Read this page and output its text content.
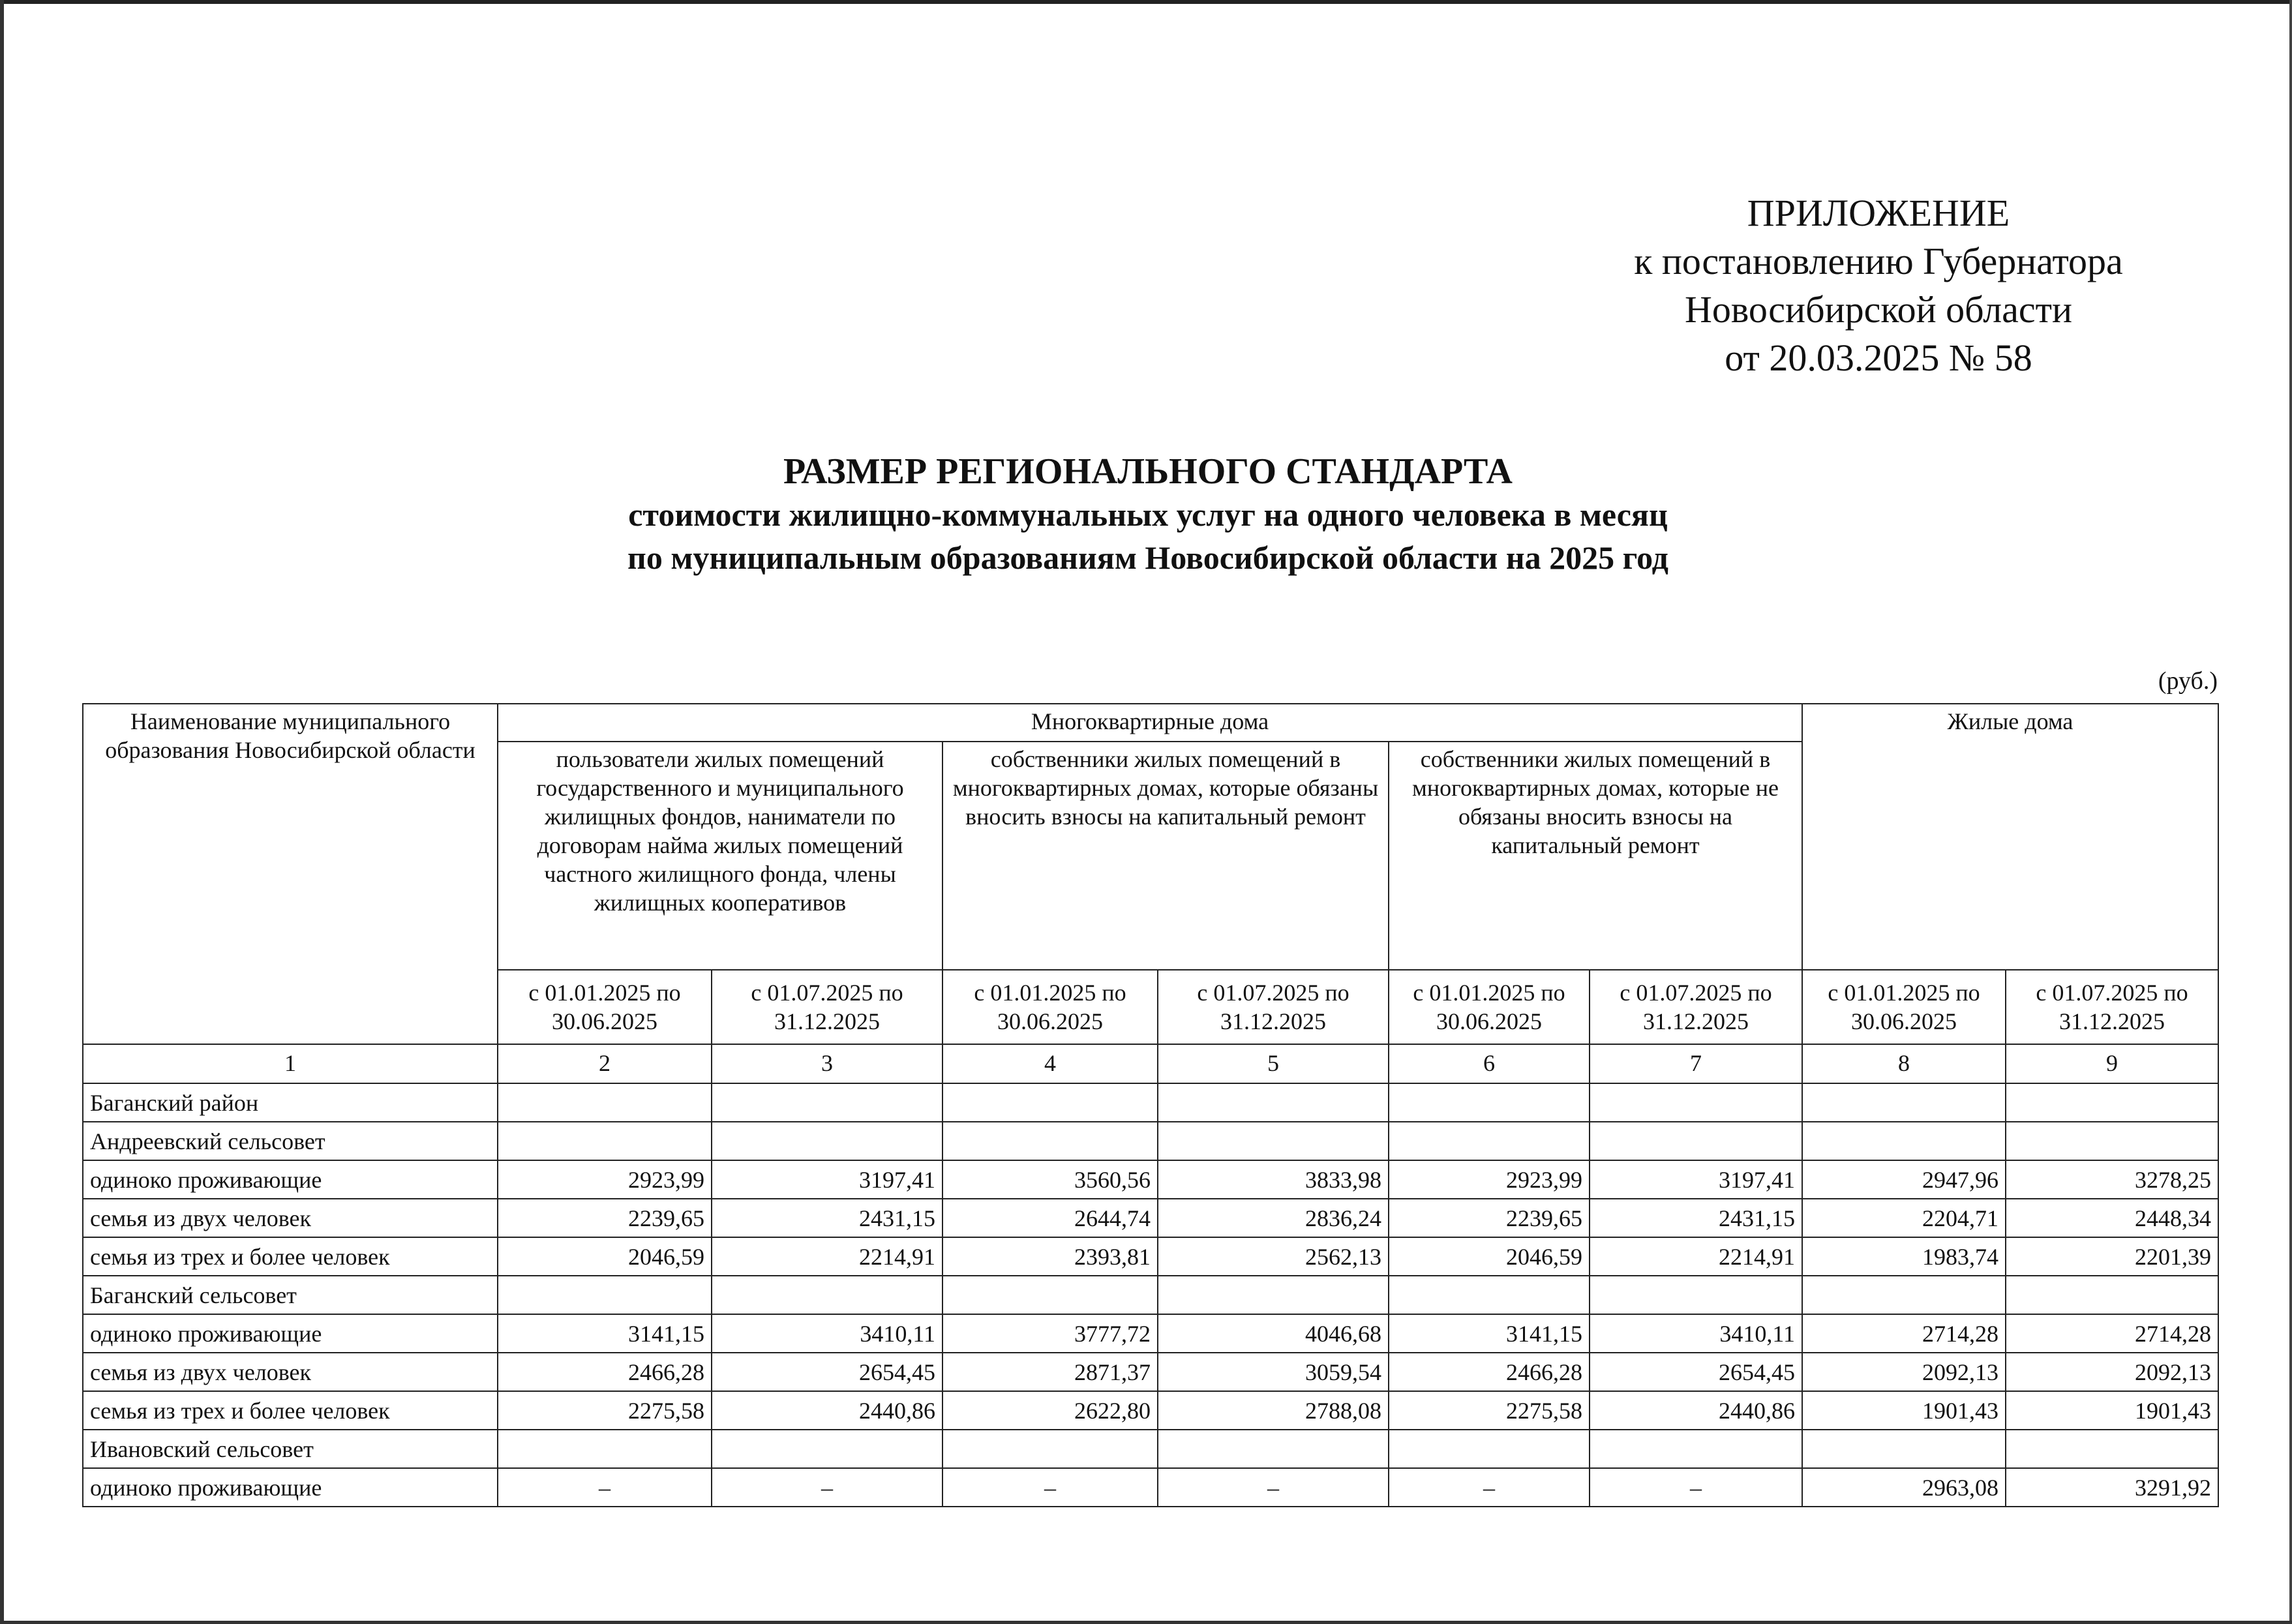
ПРИЛОЖЕНИЕ
к постановлению Губернатора
Новосибирской области
от 20.03.2025 № 58
РАЗМЕР РЕГИОНАЛЬНОГО СТАНДАРТА
стоимости жилищно-коммунальных услуг на одного человека в месяц
по муниципальным образованиям Новосибирской области на 2025 год
(руб.)
Наименование муниципального образования Новосибирской области	Многоквартирные дома						Жилые дома	
	пользователи жилых помещений государственного и муниципального жилищных фондов, наниматели по договорам найма жилых помещений частного жилищного фонда, члены жилищных кооперативов		собственники жилых помещений в многоквартирных домах, которые обязаны вносить взносы на капитальный ремонт		собственники жилых помещений в многоквартирных домах, которые не обязаны вносить взносы на капитальный ремонт			
	с 01.01.2025 по 30.06.2025	с 01.07.2025 по 31.12.2025	с 01.01.2025 по 30.06.2025	с 01.07.2025 по 31.12.2025	с 01.01.2025 по 30.06.2025	с 01.07.2025 по 31.12.2025	с 01.01.2025 по 30.06.2025	с 01.07.2025 по 31.12.2025
1	2	3	4	5	6	7	8	9
Баганский район								
Андреевский сельсовет								
одиноко проживающие	2923,99	3197,41	3560,56	3833,98	2923,99	3197,41	2947,96	3278,25
семья из двух человек	2239,65	2431,15	2644,74	2836,24	2239,65	2431,15	2204,71	2448,34
семья из трех и более человек	2046,59	2214,91	2393,81	2562,13	2046,59	2214,91	1983,74	2201,39
Баганский сельсовет								
одиноко проживающие	3141,15	3410,11	3777,72	4046,68	3141,15	3410,11	2714,28	2714,28
семья из двух человек	2466,28	2654,45	2871,37	3059,54	2466,28	2654,45	2092,13	2092,13
семья из трех и более человек	2275,58	2440,86	2622,80	2788,08	2275,58	2440,86	1901,43	1901,43
Ивановский сельсовет								
одиноко проживающие	–	–	–	–	–	–	2963,08	3291,92
